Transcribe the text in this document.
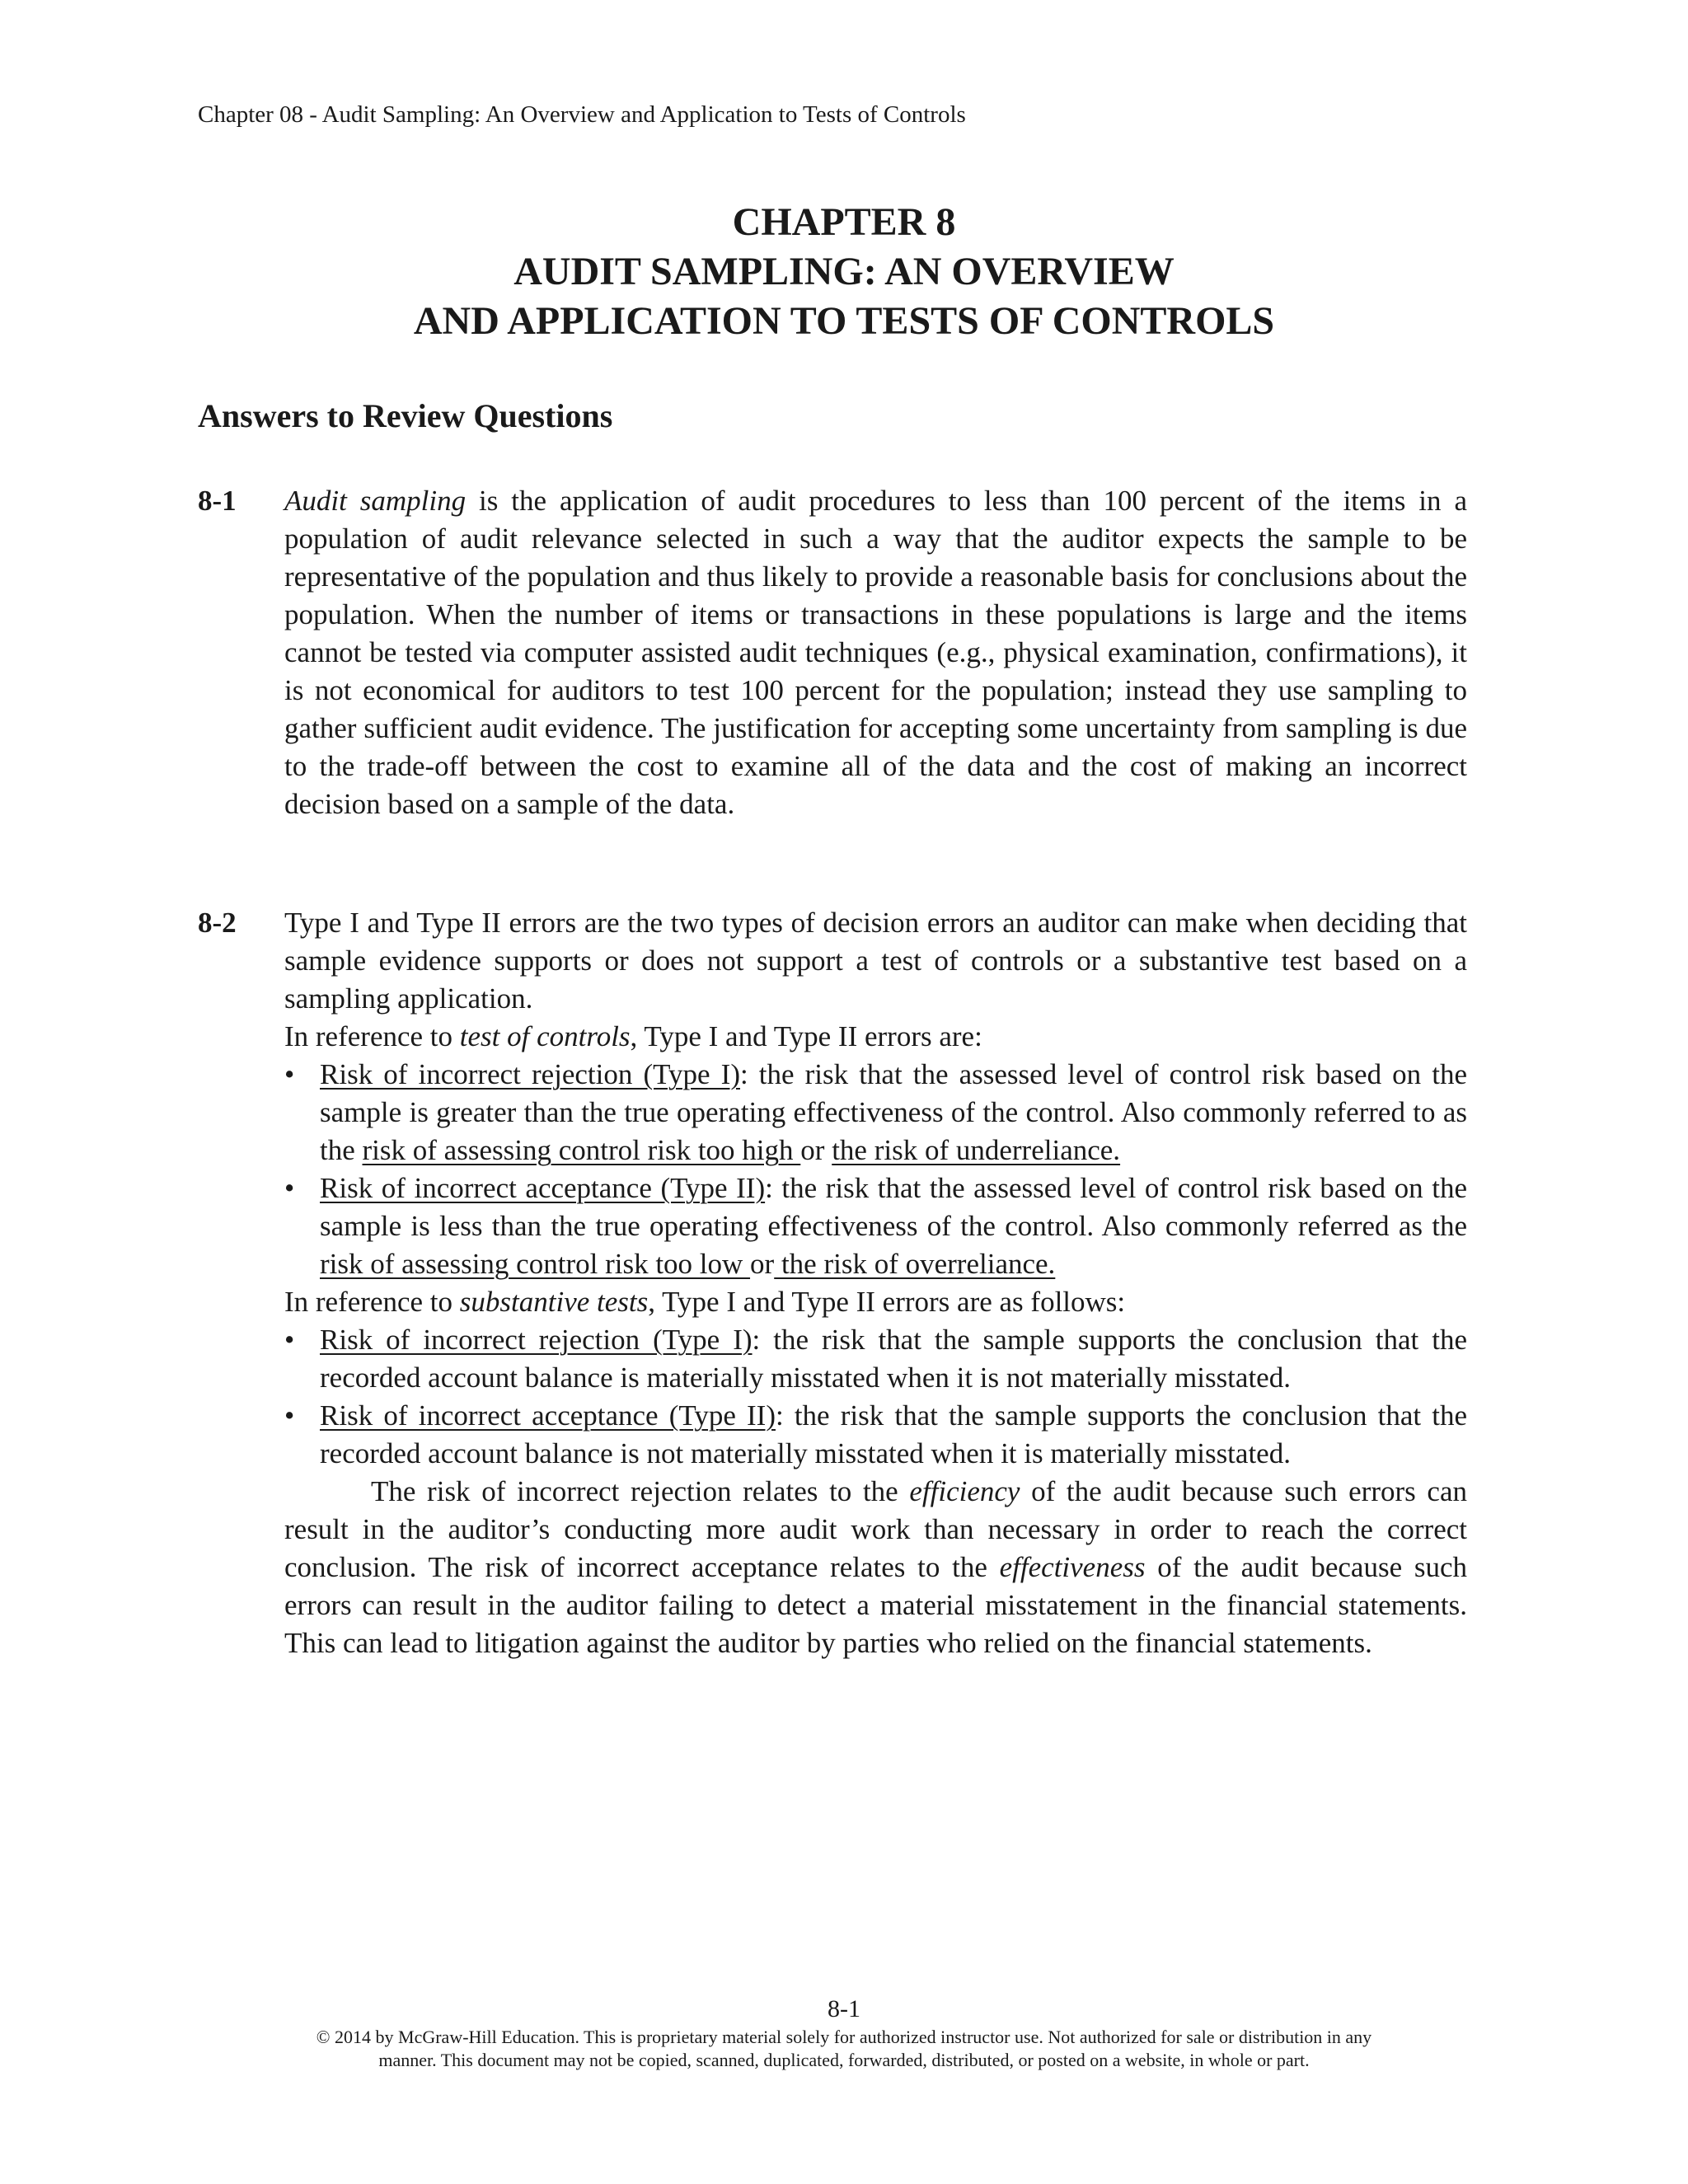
Chapter 08 - Audit Sampling: An Overview and Application to Tests of Controls
CHAPTER 8
AUDIT SAMPLING: AN OVERVIEW
AND APPLICATION TO TESTS OF CONTROLS
Answers to Review Questions
8-1 Audit sampling is the application of audit procedures to less than 100 percent of the items in a population of audit relevance selected in such a way that the auditor expects the sample to be representative of the population and thus likely to provide a reasonable basis for conclusions about the population. When the number of items or transactions in these populations is large and the items cannot be tested via computer assisted audit techniques (e.g., physical examination, confirmations), it is not economical for auditors to test 100 percent for the population; instead they use sampling to gather sufficient audit evidence. The justification for accepting some uncertainty from sampling is due to the trade-off between the cost to examine all of the data and the cost of making an incorrect decision based on a sample of the data.

8-2 Type I and Type II errors are the two types of decision errors an auditor can make when deciding that sample evidence supports or does not support a test of controls or a substantive test based on a sampling application.

In reference to test of controls, Type I and Type II errors are:

• Risk of incorrect rejection (Type I): the risk that the assessed level of control risk based on the sample is greater than the true operating effectiveness of the control. Also commonly referred to as the risk of assessing control risk too high or the risk of underreliance.
• Risk of incorrect acceptance (Type II): the risk that the assessed level of control risk based on the sample is less than the true operating effectiveness of the control. Also commonly referred as the risk of assessing control risk too low or the risk of overreliance.

In reference to substantive tests, Type I and Type II errors are as follows:

• Risk of incorrect rejection (Type I): the risk that the sample supports the conclusion that the recorded account balance is materially misstated when it is not materially misstated.
• Risk of incorrect acceptance (Type II): the risk that the sample supports the conclusion that the recorded account balance is not materially misstated when it is materially misstated.

The risk of incorrect rejection relates to the efficiency of the audit because such errors can result in the auditor’s conducting more audit work than necessary in order to reach the correct conclusion. The risk of incorrect acceptance relates to the effectiveness of the audit because such errors can result in the auditor failing to detect a material misstatement in the financial statements. This can lead to litigation against the auditor by parties who relied on the financial statements.

8-1
© 2014 by McGraw-Hill Education. This is proprietary material solely for authorized instructor use. Not authorized for sale or distribution in any
manner. This document may not be copied, scanned, duplicated, forwarded, distributed, or posted on a website, in whole or part.
